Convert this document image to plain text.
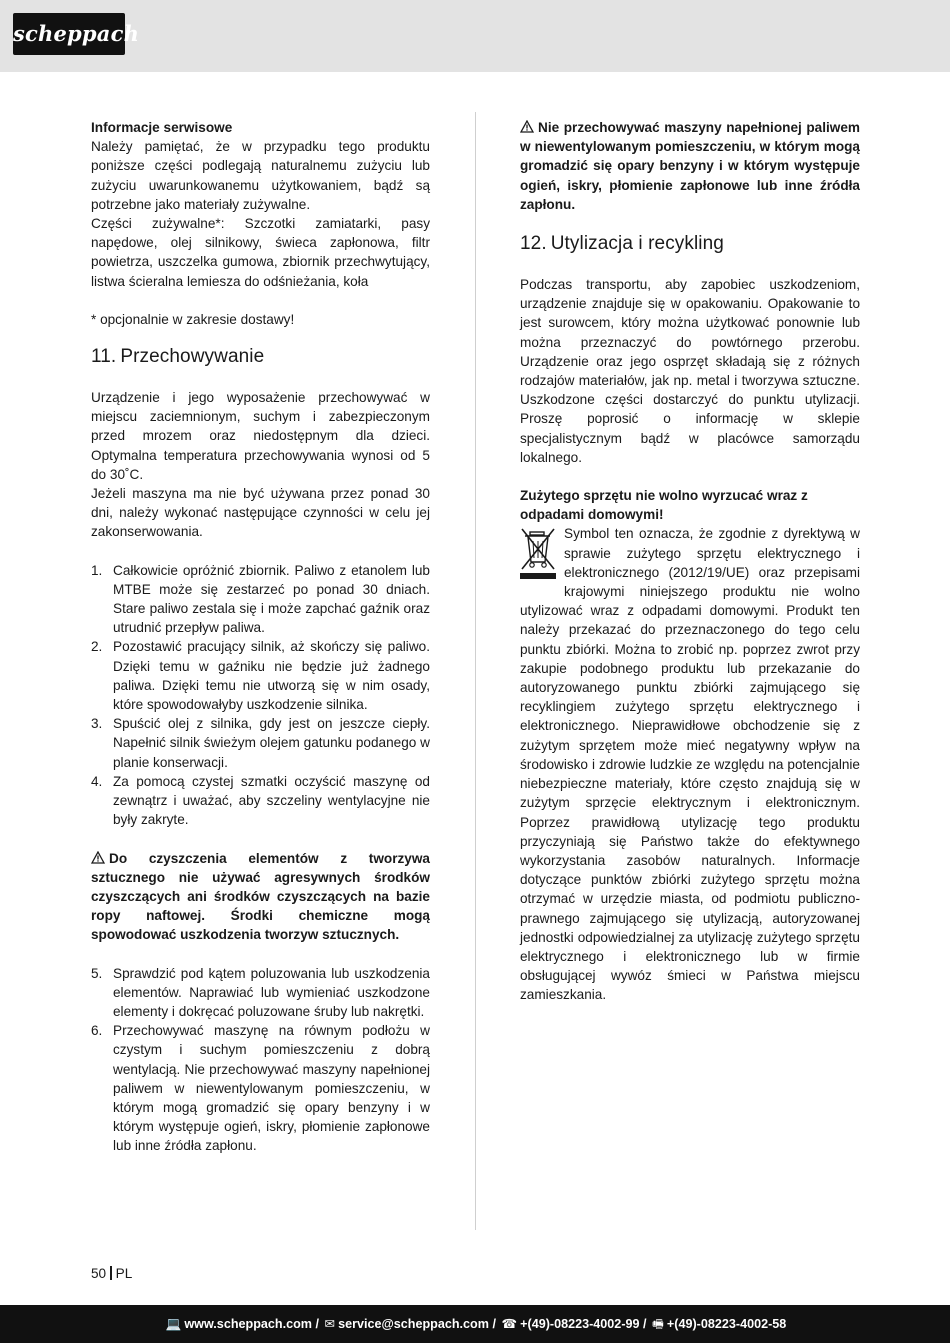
scheppach
Informacje serwisowe

Należy pamiętać, że w przypadku tego produktu poniższe części podlegają naturalnemu zużyciu lub zużyciu uwarunkowanemu użytkowaniem, bądź są potrzebne jako materiały zużywalne.

Części zużywalne*: Szczotki zamiatarki, pasy napędowe, olej silnikowy, świeca zapłonowa, filtr powietrza, uszczelka gumowa, zbiornik przechwytujący, listwa ścieralna lemiesza do odśnieżania, koła

* opcjonalnie w zakresie dostawy!

11. Przechowywanie

Urządzenie i jego wyposażenie przechowywać w miejscu zaciemnionym, suchym i zabezpieczonym przed mrozem oraz niedostępnym dla dzieci. Optymalna temperatura przechowywania wynosi od 5 do 30˚C.

Jeżeli maszyna ma nie być używana przez ponad 30 dni, należy wykonać następujące czynności w celu jej zakonserwowania.

1. Całkowicie opróżnić zbiornik. Paliwo z etanolem lub MTBE może się zestarzeć po ponad 30 dniach. Stare paliwo zestala się i może zapchać gaźnik oraz utrudnić przepływ paliwa.
2. Pozostawić pracujący silnik, aż skończy się paliwo. Dzięki temu w gaźniku nie będzie już żadnego paliwa. Dzięki temu nie utworzą się w nim osady, które spowodowałyby uszkodzenie silnika.
3. Spuścić olej z silnika, gdy jest on jeszcze ciepły. Napełnić silnik świeżym olejem gatunku podanego w planie konserwacji.
4. Za pomocą czystej szmatki oczyścić maszynę od zewnątrz i uważać, aby szczeliny wentylacyjne nie były zakryte.

Do czyszczenia elementów z tworzywa sztucznego nie używać agresywnych środków czyszczących ani środków czyszczących na bazie ropy naftowej. Środki chemiczne mogą spowodować uszkodzenia tworzyw sztucznych.

5. Sprawdzić pod kątem poluzowania lub uszkodzenia elementów. Naprawiać lub wymieniać uszkodzone elementy i dokręcać poluzowane śruby lub nakrętki.
6. Przechowywać maszynę na równym podłożu w czystym i suchym pomieszczeniu z dobrą wentylacją. Nie przechowywać maszyny napełnionej paliwem w niewentylowanym pomieszczeniu, w którym mogą gromadzić się opary benzyny i w którym występuje ogień, iskry, płomienie zapłonowe lub inne źródła zapłonu.

Nie przechowywać maszyny napełnionej paliwem w niewentylowanym pomieszczeniu, w którym mogą gromadzić się opary benzyny i w którym występuje ogień, iskry, płomienie zapłonowe lub inne źródła zapłonu.

12. Utylizacja i recykling

Podczas transportu, aby zapobiec uszkodzeniom, urządzenie znajduje się w opakowaniu. Opakowanie to jest surowcem, który można użytkować ponownie lub można przeznaczyć do powtórnego przerobu. Urządzenie oraz jego osprzęt składają się z różnych rodzajów materiałów, jak np. metal i tworzywa sztuczne. Uszkodzone części dostarczyć do punktu utylizacji. Proszę poprosić o informację w sklepie specjalistycznym bądź w placówce samorządu lokalnego.

Zużytego sprzętu nie wolno wyrzucać wraz z odpadami domowymi!

Symbol ten oznacza, że zgodnie z dyrektywą w sprawie zużytego sprzętu elektrycznego i elektronicznego (2012/19/UE) oraz przepisami krajowymi niniejszego produktu nie wolno utylizować wraz z odpadami domowymi. Produkt ten należy przekazać do przeznaczonego do tego celu punktu zbiórki. Można to zrobić np. poprzez zwrot przy zakupie podobnego produktu lub przekazanie do autoryzowanego punktu zbiórki zajmującego się recyklingiem zużytego sprzętu elektrycznego i elektronicznego. Nieprawidłowe obchodzenie się z zużytym sprzętem może mieć negatywny wpływ na środowisko i zdrowie ludzkie ze względu na potencjalnie niebezpieczne materiały, które często znajdują się w zużytym sprzęcie elektrycznym i elektronicznym. Poprzez prawidłową utylizację tego produktu przyczyniają się Państwo także do efektywnego wykorzystania zasobów naturalnych. Informacje dotyczące punktów zbiórki zużytego sprzętu można otrzymać w urzędzie miasta, od podmiotu publiczno-prawnego zajmującego się utylizacją, autoryzowanej jednostki odpowiedzialnej za utylizację zużytego sprzętu elektrycznego i elektronicznego lub w firmie obsługującej wywóz śmieci w Państwa miejscu zamieszkania.

50 PL
💻 www.scheppach.com / ✉ service@scheppach.com / ☎ +(49)-08223-4002-99 / 🖷 +(49)-08223-4002-58
